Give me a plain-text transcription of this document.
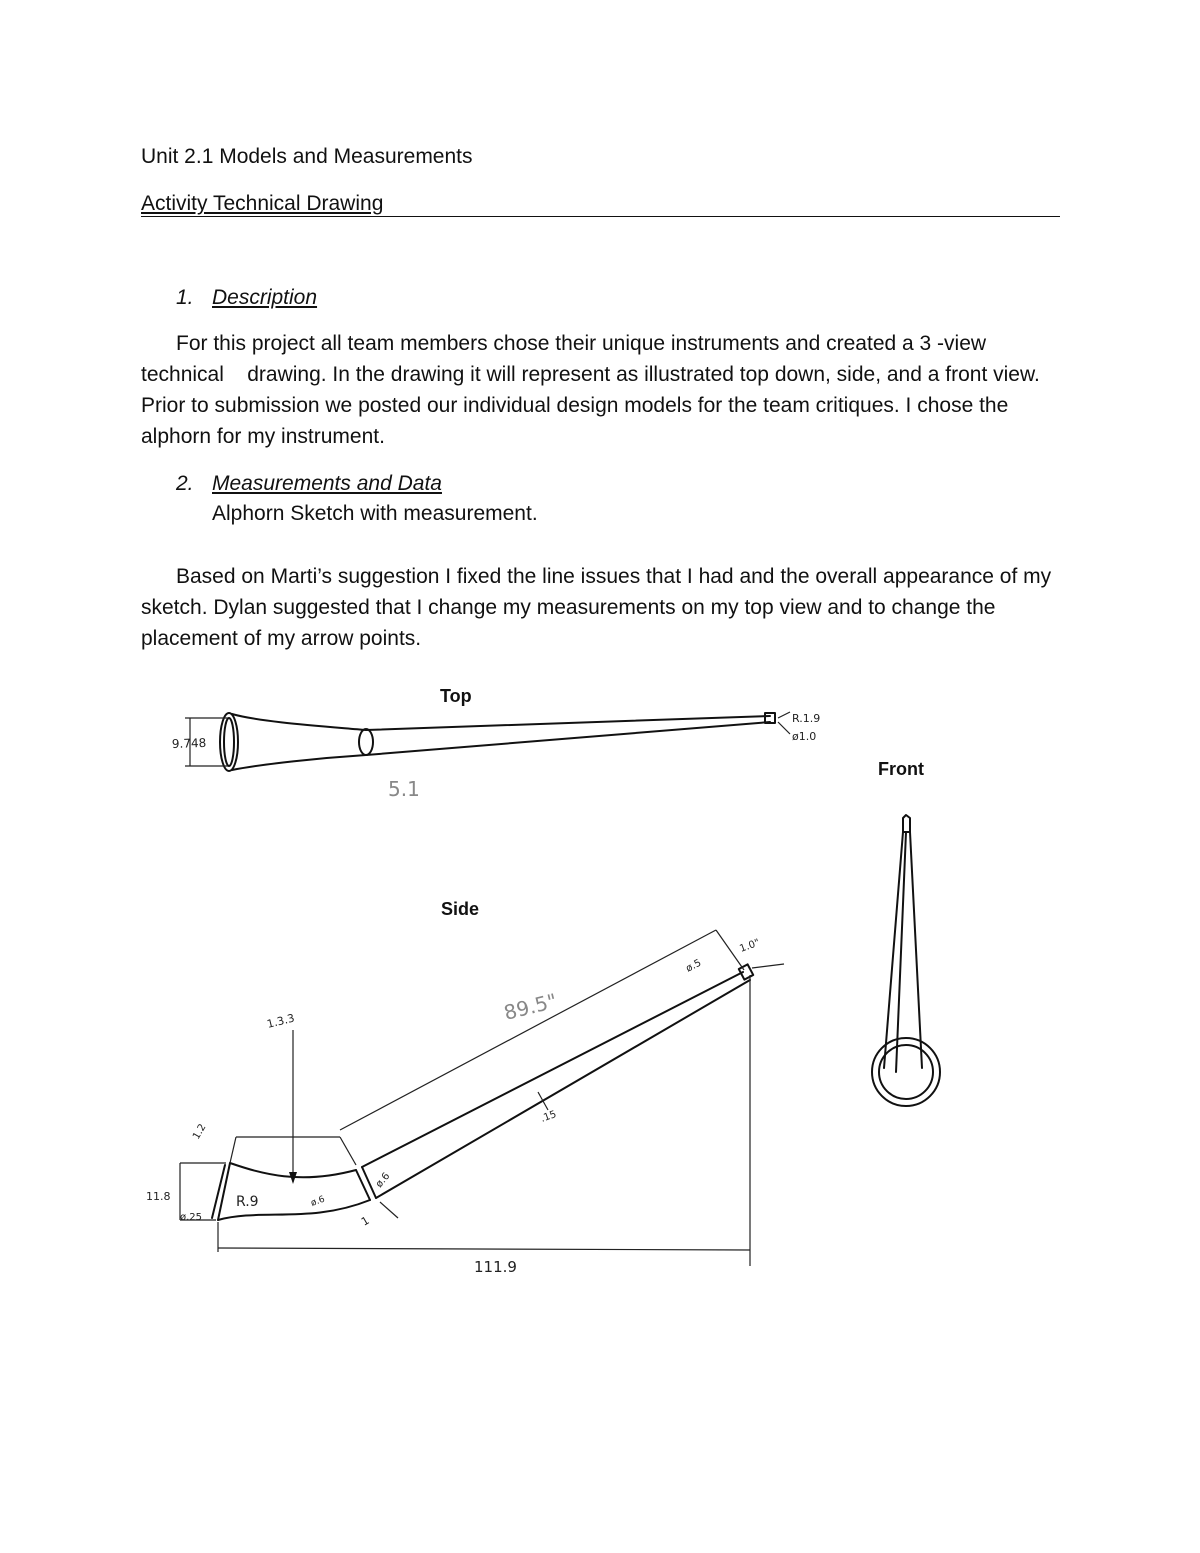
Unit 2.1 Models and Measurements
Activity Technical Drawing
1. Description
For this project all team members chose their unique instruments and created a 3 -view technical    drawing. In the drawing it will represent as illustrated top down, side, and a front view. Prior to submission we posted our individual design models for the team critiques. I chose the alphorn for my instrument.
2. Measurements and Data
Alphorn Sketch with measurement.
Based on Marti’s suggestion I fixed the line issues that I had and the overall appearance of my sketch. Dylan suggested that I change my measurements on my top view and to change the placement of my arrow points.
Top
Front
Side
9.748
5.1
R.1.9
ø1.0
89.5"
111.9
R.9
11.8
1.3.3
1.0"
ø.5
.15
1.2
ø.25
ø.6
ø.6
1
